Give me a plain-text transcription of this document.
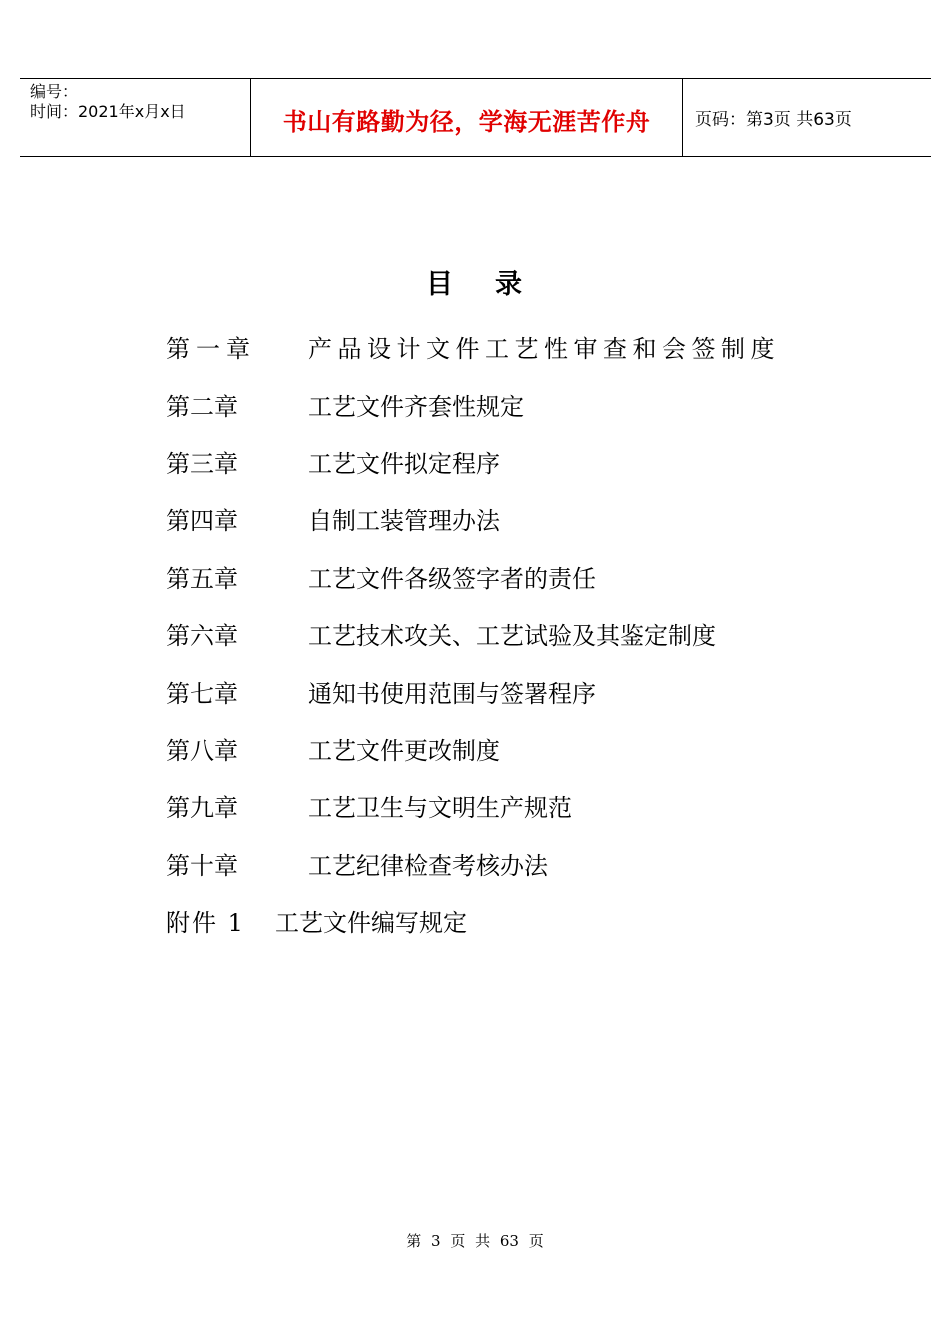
编号：
时间：2021年x月x日	书山有路勤为径，学海无涯苦作舟	页码：第3页 共63页
目 录
第一章	产品设计文件工艺性审查和会签制度
第二章	工艺文件齐套性规定
第三章	工艺文件拟定程序
第四章	自制工装管理办法
第五章	工艺文件各级签字者的责任
第六章	工艺技术攻关、工艺试验及其鉴定制度
第七章	通知书使用范围与签署程序
第八章	工艺文件更改制度
第九章	工艺卫生与文明生产规范
第十章	工艺纪律检查考核办法
附件 1	工艺文件编写规定
第 3 页 共 63 页
